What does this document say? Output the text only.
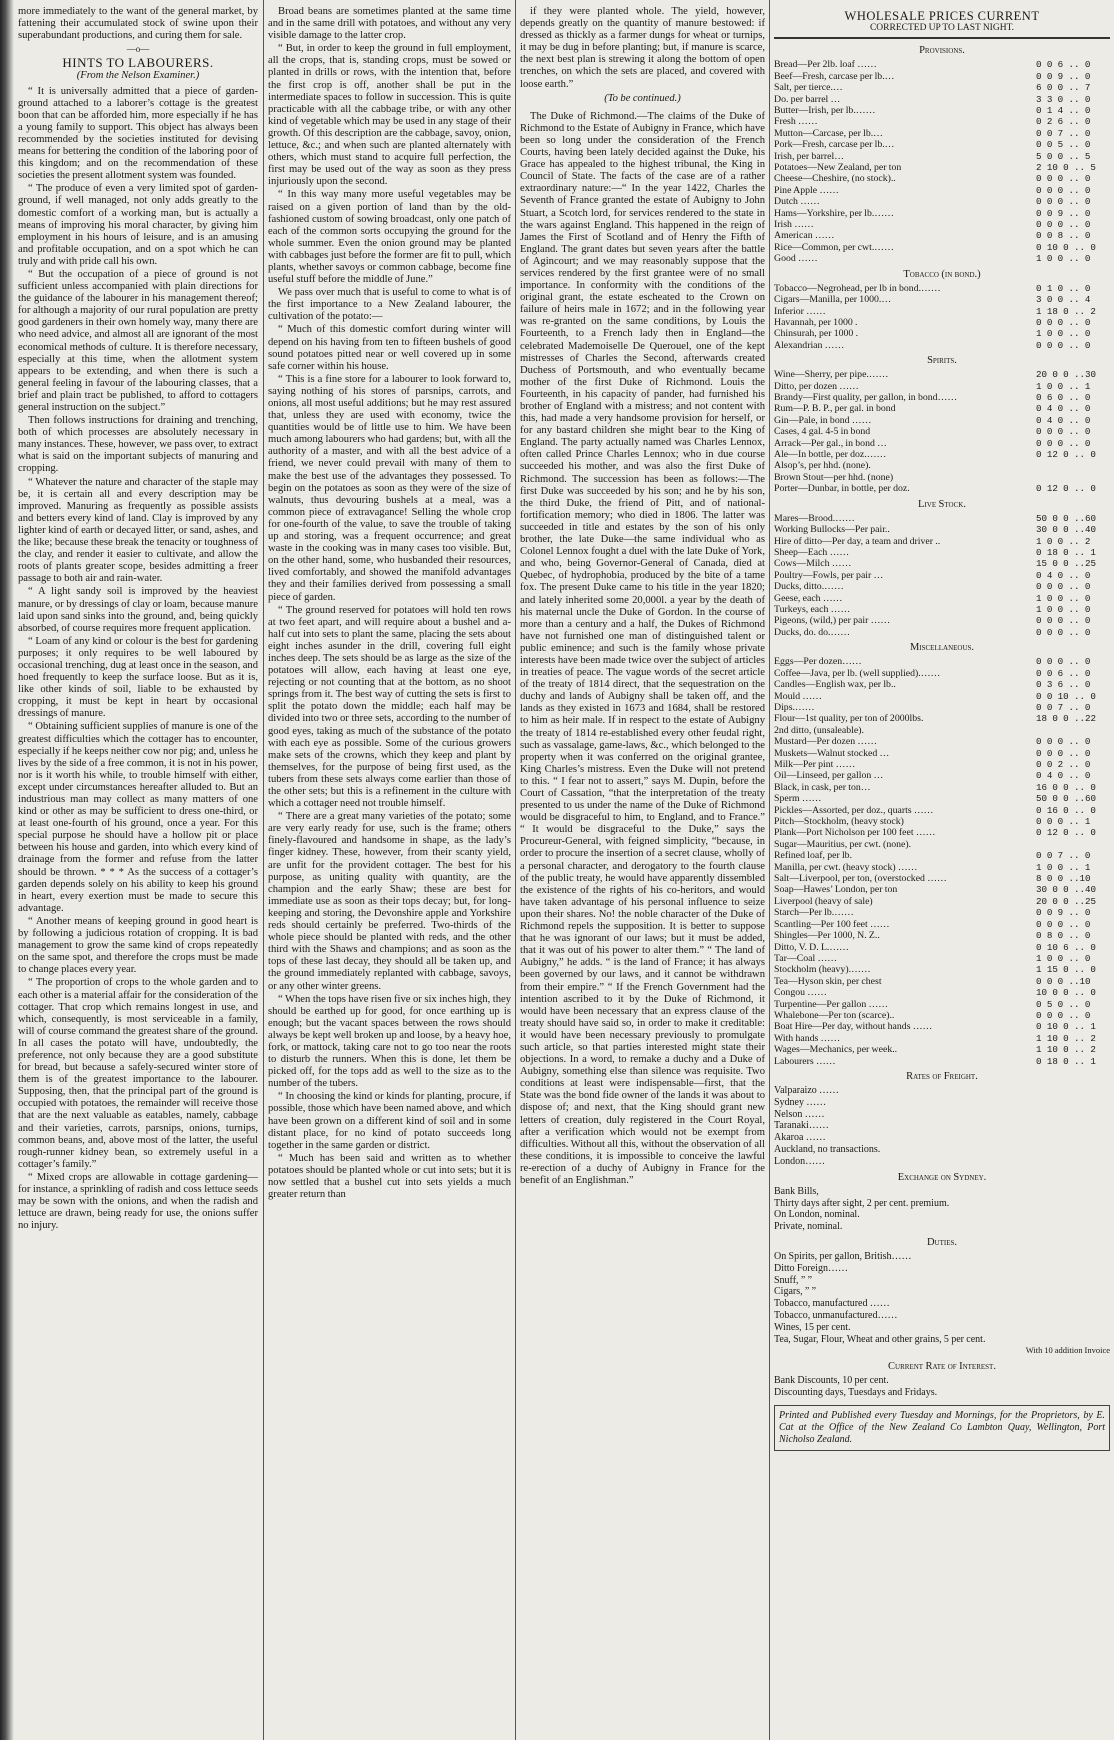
more immediately to the want of the general market, by fattening their accumulated stock of swine upon their superabundant productions, and curing them for sale.

—o—
HINTS TO LABOURERS.
(From the Nelson Examiner.)

“ It is universally admitted that a piece of garden-ground attached to a laborer’s cottage is the greatest boon that can be afforded him, more especially if he has a young family to support. This object has always been recommended by the societies instituted for devising means for bettering the condition of the laboring poor of this kingdom; and on the recommendation of these societies the present allotment system was founded.

“ The produce of even a very limited spot of garden-ground, if well managed, not only adds greatly to the domestic comfort of a working man, but is actually a means of improving his moral character, by giving him employment in his hours of leisure, and is an amusing and profitable occupation, and on a spot which he can truly and with pride call his own.

“ But the occupation of a piece of ground is not sufficient unless accompanied with plain directions for the guidance of the labourer in his management thereof; for although a majority of our rural population are pretty good gardeners in their own homely way, many there are who need advice, and almost all are ignorant of the most economical methods of culture. It is therefore necessary, especially at this time, when the allotment system appears to be extending, and when there is such a general feeling in favour of the labouring classes, that a brief and plain tract be published, to afford to cottagers general instruction on the subject.”

Then follows instructions for draining and trenching, both of which processes are absolutely necessary in many instances. These, however, we pass over, to extract what is said on the important subjects of manuring and cropping.

“ Whatever the nature and character of the staple may be, it is certain all and every description may be improved. Manuring as frequently as possible assists and betters every kind of land. Clay is improved by any lighter kind of earth or decayed litter, or sand, ashes, and the like; because these break the tenacity or toughness of the clay, and render it easier to cultivate, and allow the roots of plants greater scope, besides admitting a freer passage to both air and rain-water.

“ A light sandy soil is improved by the heaviest manure, or by dressings of clay or loam, because manure laid upon sand sinks into the ground, and, being quickly absorbed, of course requires more frequent application.

“ Loam of any kind or colour is the best for gardening purposes; it only requires to be well laboured by occasional trenching, dug at least once in the season, and hoed frequently to keep the surface loose. But as it is, like other kinds of soil, liable to be exhausted by cropping, it must be kept in heart by occasional dressings of manure.

“ Obtaining sufficient supplies of manure is one of the greatest difficulties which the cottager has to encounter, especially if he keeps neither cow nor pig; and, unless he lives by the side of a free common, it is not in his power, nor is it worth his while, to trouble himself with either, except under circumstances hereafter alluded to. But an industrious man may collect as many matters of one kind or other as may be sufficient to dress one-third, or at least one-fourth of his ground, once a year. For this special purpose he should have a hollow pit or place between his house and garden, into which every kind of drainage from the former and refuse from the latter should be thrown. * * * As the success of a cottager’s garden depends solely on his ability to keep his ground in heart, every exertion must be made to secure this advantage.

“ Another means of keeping ground in good heart is by following a judicious rotation of cropping. It is bad management to grow the same kind of crops repeatedly on the same spot, and therefore the crops must be made to change places every year.

“ The proportion of crops to the whole garden and to each other is a material affair for the consideration of the cottager. That crop which remains longest in use, and which, consequently, is most serviceable in a family, will of course command the greatest share of the ground. In all cases the potato will have, undoubtedly, the preference, not only because they are a good substitute for bread, but because a safely-secured winter store of them is of the greatest importance to the labourer. Supposing, then, that the principal part of the ground is occupied with potatoes, the remainder will receive those that are the next valuable as eatables, namely, cabbage and their varieties, carrots, parsnips, onions, turnips, common beans, and, above most of the latter, the useful rough-runner kidney bean, so extremely useful in a cottager’s family.”

“ Mixed crops are allowable in cottage gardening—for instance, a sprinkling of radish and coss lettuce seeds may be sown with the onions, and when the radish and lettuce are drawn, being ready for use, the onions suffer no injury.

Broad beans are sometimes planted at the same time and in the same drill with potatoes, and without any very visible damage to the latter crop.

“ But, in order to keep the ground in full employment, all the crops, that is, standing crops, must be sowed or planted in drills or rows, with the intention that, before the first crop is off, another shall be put in the intermediate spaces to follow in succession. This is quite practicable with all the cabbage tribe, or with any other kind of vegetable which may be used in any stage of their growth. Of this description are the cabbage, savoy, onion, lettuce, &c.; and when such are planted alternately with others, which must stand to acquire full perfection, the first may be used out of the way as soon as they press injuriously upon the second.

“ In this way many more useful vegetables may be raised on a given portion of land than by the old-fashioned custom of sowing broadcast, only one patch of each of the common sorts occupying the ground for the whole summer. Even the onion ground may be planted with cabbages just before the former are fit to pull, which plants, whether savoys or common cabbage, become fine useful stuff before the middle of June.”

We pass over much that is useful to come to what is of the first importance to a New Zealand labourer, the cultivation of the potato:—

“ Much of this domestic comfort during winter will depend on his having from ten to fifteen bushels of good sound potatoes pitted near or well covered up in some safe corner within his house.

“ This is a fine store for a labourer to look forward to, saying nothing of his stores of parsnips, carrots, and onions, all most useful additions; but he may rest assured that, unless they are used with economy, twice the quantities would be of little use to him. We have been much among labourers who had gardens; but, with all the authority of a master, and with all the best advice of a friend, we never could prevail with many of them to make the best use of the advantages they possessed. To begin on the potatoes as soon as they were of the size of walnuts, thus devouring bushels at a meal, was a common piece of extravagance! Selling the whole crop for one-fourth of the value, to save the trouble of taking up and storing, was a frequent occurrence; and great waste in the cooking was in many cases too visible. But, on the other hand, some, who husbanded their resources, lived comfortably, and showed the manifold advantages they and their families derived from possessing a small piece of garden.

“ The ground reserved for potatoes will hold ten rows at two feet apart, and will require about a bushel and a-half cut into sets to plant the same, placing the sets about eight inches asunder in the drill, covering full eight inches deep. The sets should be as large as the size of the potatoes will allow, each having at least one eye, rejecting or not counting that at the bottom, as no shoot springs from it. The best way of cutting the sets is first to split the potato down the middle; each half may be divided into two or three sets, according to the number of good eyes, taking as much of the substance of the potato with each eye as possible. Some of the curious growers make sets of the crowns, which they keep and plant by themselves, for the purpose of being first used, as the tubers from these sets always come earlier than those of the other sets; but this is a refinement in the culture with which a cottager need not trouble himself.

“ There are a great many varieties of the potato; some are very early ready for use, such is the frame; others finely-flavoured and handsome in shape, as the lady’s finger kidney. These, however, from their scanty yield, are unfit for the provident cottager. The best for his purpose, as uniting quality with quantity, are the champion and the early Shaw; these are best for immediate use as soon as their tops decay; but, for long-keeping and storing, the Devonshire apple and Yorkshire reds should certainly be preferred. Two-thirds of the whole piece should be planted with reds, and the other third with the Shaws and champions; and as soon as the tops of these last decay, they should all be taken up, and the ground immediately replanted with cabbage, savoys, or any other winter greens.

“ When the tops have risen five or six inches high, they should be earthed up for good, for once earthing up is enough; but the vacant spaces between the rows should always be kept well broken up and loose, by a heavy hoe, fork, or mattock, taking care not to go too near the roots to disturb the runners. When this is done, let them be picked off, for the tops add as well to the size as to the number of the tubers.

“ In choosing the kind or kinds for planting, procure, if possible, those which have been named above, and which have been grown on a different kind of soil and in some distant place, for no kind of potato succeeds long together in the same garden or district.

“ Much has been said and written as to whether potatoes should be planted whole or cut into sets; but it is now settled that a bushel cut into sets yields a much greater return than

if they were planted whole. The yield, however, depends greatly on the quantity of manure bestowed: if dressed as thickly as a farmer dungs for wheat or turnips, it may be dug in before planting; but, if manure is scarce, the next best plan is strewing it along the bottom of open trenches, on which the sets are placed, and covered with loose earth.”

(To be continued.)

The Duke of Richmond.—The claims of the Duke of Richmond to the Estate of Aubigny in France, which have been so long under the consideration of the French Courts, having been lately decided against the Duke, his Grace has appealed to the highest tribunal, the King in Council of State. The facts of the case are of a rather extraordinary nature:—“ In the year 1422, Charles the Seventh of France granted the estate of Aubigny to John Stuart, a Scotch lord, for services rendered to the state in the wars against England. This happened in the reign of James the First of Scotland and of Henry the Fifth of England. The grant dates but seven years after the battle of Agincourt; and we may reasonably suppose that the services rendered by the first grantee were of no small importance. In conformity with the conditions of the original grant, the estate escheated to the Crown on failure of heirs male in 1672; and in the following year was re-granted on the same conditions, by Louis the Fourteenth, to a French lady then in England—the celebrated Mademoiselle De Querouel, one of the kept mistresses of Charles the Second, afterwards created Duchess of Portsmouth, and who eventually became mother of the first Duke of Richmond. Louis the Fourteenth, in his capacity of pander, had furnished his brother of England with a mistress; and not content with this, had made a very handsome provision for herself, or for any bastard children she might bear to the King of England. The party actually named was Charles Lennox, often called Prince Charles Lennox; who in due course succeeded his mother, and was also the first Duke of Richmond. The succession has been as follows:—The first Duke was succeeded by his son; and he by his son, the third Duke, the friend of Pitt, and of national-fortification memory; who died in 1806. The latter was succeeded in title and estates by the son of his only brother, the late Duke—the same individual who as Colonel Lennox fought a duel with the late Duke of York, and who, being Governor-General of Canada, died at Quebec, of hydrophobia, produced by the bite of a tame fox. The present Duke came to his title in the year 1820; and lately inherited some 20,000l. a year by the death of his maternal uncle the Duke of Gordon. In the course of more than a century and a half, the Dukes of Richmond have not furnished one man of distinguished talent or public eminence; and such is the family whose private interests have been made twice over the subject of articles in treaties of peace. The vague words of the secret article of the treaty of 1814 direct, that the sequestration on the duchy and lands of Aubigny shall be taken off, and the lands as they existed in 1673 and 1684, shall be restored to him as heir male. If in respect to the estate of Aubigny the treaty of 1814 re-established every other feudal right, such as vassalage, game-laws, &c., which belonged to the property when it was conferred on the original grantee, King Charles’s mistress. Even the Duke will not pretend to this. “ I fear not to assert,” says M. Dupin, before the Court of Cassation, “that the interpretation of the treaty presented to us under the name of the Duke of Richmond would be disgraceful to him, to England, and to France.” “ It would be disgraceful to the Duke,” says the Procureur-General, with feigned simplicity, “because, in order to procure the insertion of a secret clause, wholly of a personal character, and derogatory to the fourth clause of the public treaty, he would have apparently dissembled the existence of the rights of his co-heritors, and would have taken advantage of his personal influence to seize upon their shares. No! the noble character of the Duke of Richmond repels the supposition. It is better to suppose that he was ignorant of our laws; but it must be added, that it was out of his power to alter them.” “ The land of Aubigny,” he adds. “ is the land of France; it has always been governed by our laws, and it cannot be withdrawn from their empire.” “ If the French Government had the intention ascribed to it by the Duke of Richmond, it would have been necessary that an express clause of the treaty should have said so, in order to make it creditable: it would have been necessary previously to promulgate such article, so that parties interested might state their objections. In a word, to remake a duchy and a Duke of Aubigny, something else than silence was requisite. Two conditions at least were indispensable—first, that the State was the bond fide owner of the lands it was about to dispose of; and next, that the King should grant new letters of creation, duly registered in the Court Royal, after a verification which would not be exempt from difficulties. Without all this, without the observation of all these conditions, it is impossible to conceive the lawful re-erection of a duchy of Aubigny in France for the benefit of an Englishman.”

WHOLESALE PRICES CURRENT
CORRECTED UP TO LAST NIGHT.
Provisions.
Bread—Per 2lb. loaf ……	0 0 6 .. 0
Beef—Fresh, carcase per lb.…	0 0 9 .. 0
Salt, per tierce.…	6 0 0 .. 7
Do. per barrel …	3 3 0 .. 0
Butter—Irish, per lb.……	0 1 4 .. 0
Fresh ……	0 2 6 .. 0
Mutton—Carcase, per lb.…	0 0 7 .. 0
Pork—Fresh, carcase per lb.…	0 0 5 .. 0
Irish, per barrel…	5 0 0 .. 5
Potatoes—New Zealand, per ton	2 10 0 .. 5
Cheese—Cheshire, (no stock)..	0 0 0 .. 0
Pine Apple ……	0 0 0 .. 0
Dutch ……	0 0 0 .. 0
Hams—Yorkshire, per lb.……	0 0 9 .. 0
Irish ……	0 0 0 .. 0
American ……	0 0 8 .. 0
Rice—Common, per cwt.……	0 10 0 .. 0
Good ……	1 0 0 .. 0
Tobacco (in bond.)
Tobacco—Negrohead, per lb in bond.……	0 1 0 .. 0
Cigars—Manilla, per 1000.…	3 0 0 .. 4
Inferior ……	1 18 0 .. 2
Havannah, per 1000 .	0 0 0 .. 0
Chinsurah, per 1000 .	1 0 0 .. 0
Alexandrian ……	0 0 0 .. 0
Spirits.
Wine—Sherry, per pipe.……	20 0 0 ..30
Ditto, per dozen ……	1 0 0 .. 1
Brandy—First quality, per gallon, in bond……	0 6 0 .. 0
Rum—P. B. P., per gal. in bond	0 4 0 .. 0
Gin—Pale, in bond ……	0 4 0 .. 0
Cases, 4 gal. 4-5 in bond	0 0 0 .. 0
Arrack—Per gal., in bond …	0 0 0 .. 0
Ale—In bottle, per doz.……	0 12 0 .. 0
Alsop’s, per hhd. (none).
Brown Stout—per hhd. (none)
Porter—Dunbar, in bottle, per doz.	0 12 0 .. 0
Live Stock.
Mares—Brood.……	50 0 0 ..60
Working Bullocks—Per pair..	30 0 0 ..40
Hire of ditto—Per day, a team and driver ..	1 0 0 .. 2
Sheep—Each ……	0 18 0 .. 1
Cows—Milch ……	15 0 0 ..25
Poultry—Fowls, per pair …	0 4 0 .. 0
Ducks, ditto.……	0 0 0 .. 0
Geese, each ……	1 0 0 .. 0
Turkeys, each ……	1 0 0 .. 0
Pigeons, (wild,) per pair ……	0 0 0 .. 0
Ducks, do. do.……	0 0 0 .. 0
Miscellaneous.
Eggs—Per dozen……	0 0 0 .. 0
Coffee—Java, per lb. (well supplied).……	0 0 6 .. 0
Candles—English wax, per lb..	0 3 6 .. 0
Mould ……	0 0 10 .. 0
Dips.……	0 0 7 .. 0
Flour—1st quality, per ton of 2000lbs.	18 0 0 ..22
2nd ditto, (unsaleable).
Mustard—Per dozen ……	0 0 0 .. 0
Muskets—Walnut stocked …	0 0 0 .. 0
Milk—Per pint ……	0 0 2 .. 0
Oil—Linseed, per gallon …	0 4 0 .. 0
Black, in cask, per ton…	16 0 0 .. 0
Sperm ……	50 0 0 ..60
Pickles—Assorted, per doz., quarts ……	0 16 0 .. 0
Pitch—Stockholm, (heavy stock)	0 0 0 .. 1
Plank—Port Nicholson per 100 feet ……	0 12 0 .. 0
Sugar—Mauritius, per cwt. (none).
Refined loaf, per lb.	0 0 7 .. 0
Manilla, per cwt. (heavy stock) ……	1 0 0 .. 1
Salt—Liverpool, per ton, (overstocked ……	8 0 0 ..10
Soap—Hawes’ London, per ton	30 0 0 ..40
Liverpool (heavy of sale)	20 0 0 ..25
Starch—Per lb.……	0 0 9 .. 0
Scantling—Per 100 feet ……	0 0 0 .. 0
Shingles—Per 1000, N. Z..	0 8 0 .. 0
Ditto, V. D. L.……	0 10 6 .. 0
Tar—Coal ……	1 0 0 .. 0
Stockholm (heavy).……	1 15 0 .. 0
Tea—Hyson skin, per chest	0 0 0 ..10
Congou ……	10 0 0 .. 0
Turpentine—Per gallon ……	0 5 0 .. 0
Whalebone—Per ton (scarce)..	0 0 0 .. 0
Boat Hire—Per day, without hands ……	0 10 0 .. 1
With hands ……	1 10 0 .. 2
Wages—Mechanics, per week..	1 10 0 .. 2
Labourers ……	0 18 0 .. 1
Rates of Freight.
Valparaizo ……
Sydney ……
Nelson ……
Taranaki……
Akaroa ……
Auckland, no transactions.
London……
Exchange on Sydney.
Bank Bills,
Thirty days after sight, 2 per cent. premium.
On London, nominal.
Private, nominal.
Duties.
On Spirits, per gallon, British……
Ditto Foreign……
Snuff, ” ”
Cigars, ” ”
Tobacco, manufactured ……
Tobacco, unmanufactured……
Wines, 15 per cent.
Tea, Sugar, Flour, Wheat and other grains, 5 per cent.
With 10 addition Invoice
Current Rate of Interest.
Bank Discounts, 10 per cent.
Discounting days, Tuesdays and Fridays.
Printed and Published every Tuesday and Mornings, for the Proprietors, by E. Cat at the Office of the New Zealand Co Lambton Quay, Wellington, Port Nicholso Zealand.
